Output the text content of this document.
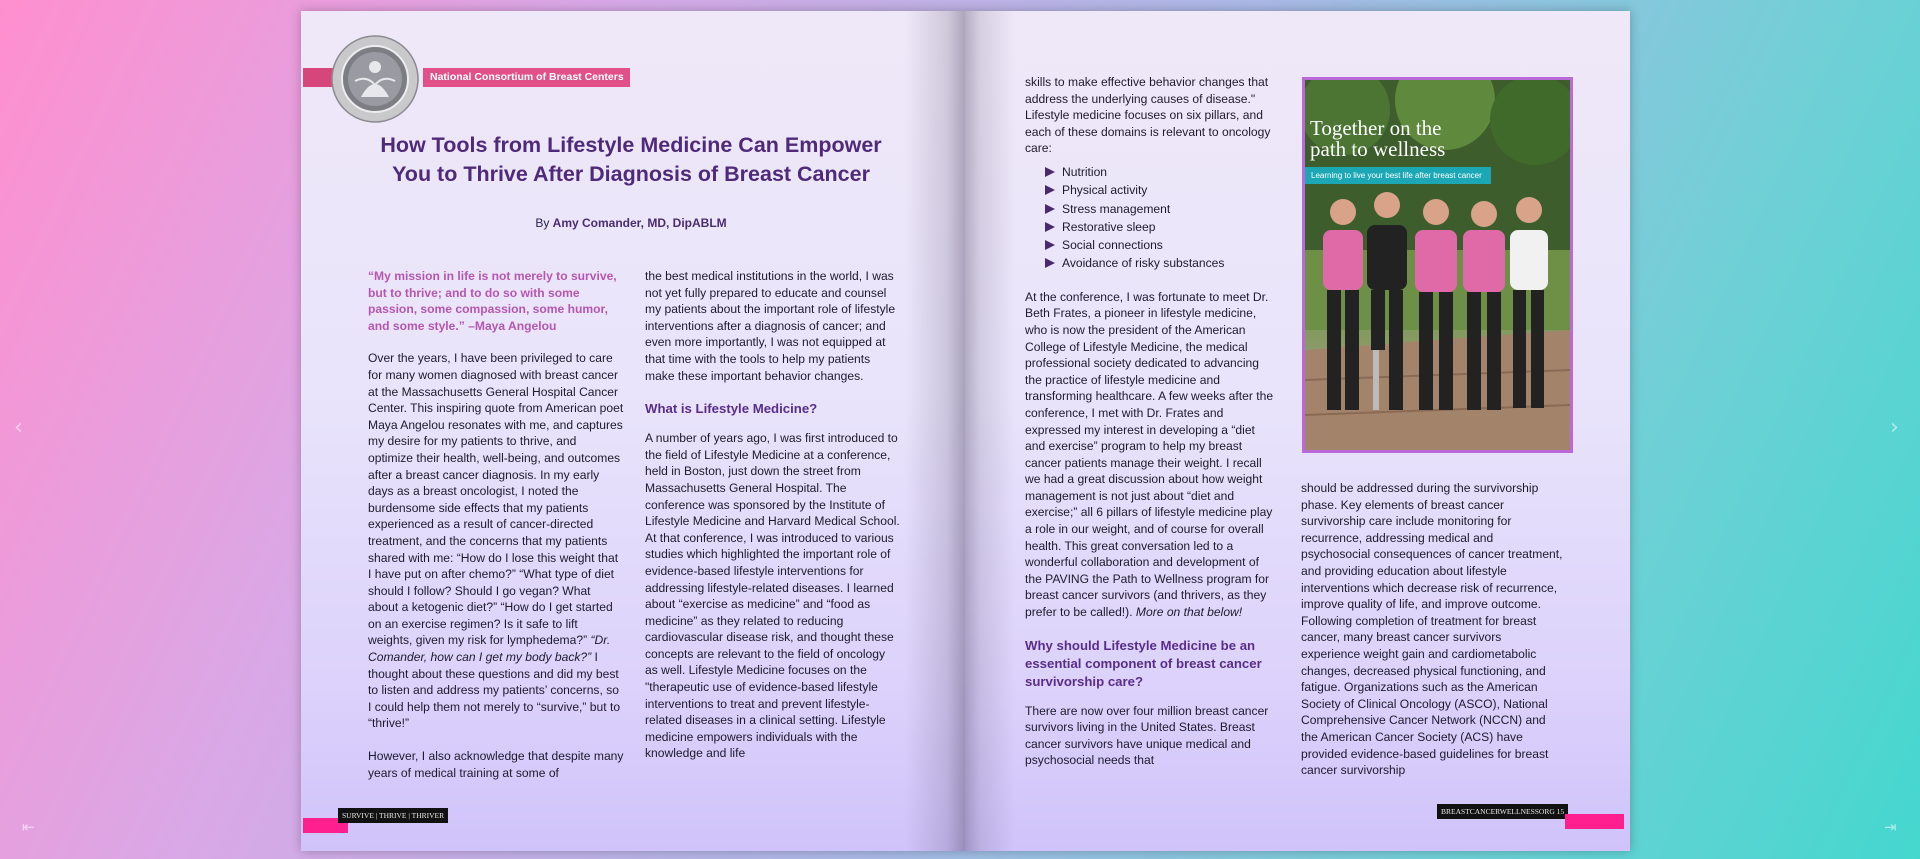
‹	›
⇤	⇥
National Consortium of Breast Centers
How Tools from Lifestyle Medicine Can Empower You to Thrive After Diagnosis of Breast Cancer
By Amy Comander, MD, DipABLM

“My mission in life is not merely to survive, but to thrive; and to do so with some passion, some compassion, some humor, and some style.” –Maya Angelou

Over the years, I have been privileged to care for many women diagnosed with breast cancer at the Massachusetts General Hospital Cancer Center. This inspiring quote from American poet Maya Angelou resonates with me, and captures my desire for my patients to thrive, and optimize their health, well-being, and outcomes after a breast cancer diagnosis. In my early days as a breast oncologist, I noted the burdensome side effects that my patients experienced as a result of cancer-directed treatment, and the concerns that my patients shared with me: “How do I lose this weight that I have put on after chemo?” “What type of diet should I follow? Should I go vegan? What about a ketogenic diet?” “How do I get started on an exercise regimen? Is it safe to lift weights, given my risk for lymphedema?” “Dr. Comander, how can I get my body back?” I thought about these questions and did my best to listen and address my patients’ concerns, so I could help them not merely to “survive,” but to “thrive!”

However, I also acknowledge that despite many years of medical training at some of

the best medical institutions in the world, I was not yet fully prepared to educate and counsel my patients about the important role of lifestyle interventions after a diagnosis of cancer; and even more importantly, I was not equipped at that time with the tools to help my patients make these important behavior changes.

What is Lifestyle Medicine?

A number of years ago, I was first introduced to the field of Lifestyle Medicine at a conference, held in Boston, just down the street from Massachusetts General Hospital. The conference was sponsored by the Institute of Lifestyle Medicine and Harvard Medical School. At that conference, I was introduced to various studies which highlighted the important role of evidence-based lifestyle interventions for addressing lifestyle-related diseases. I learned about “exercise as medicine” and “food as medicine” as they related to reducing cardiovascular disease risk, and thought these concepts are relevant to the field of oncology as well. Lifestyle Medicine focuses on the "therapeutic use of evidence-based lifestyle interventions to treat and prevent lifestyle-related diseases in a clinical setting. Lifestyle medicine empowers individuals with the knowledge and life

SURVIVE | THRIVE | THRIVER

skills to make effective behavior changes that address the underlying causes of disease." Lifestyle medicine focuses on six pillars, and each of these domains is relevant to oncology care:

Nutrition
Physical activity
Stress management
Restorative sleep
Social connections
Avoidance of risky substances

At the conference, I was fortunate to meet Dr. Beth Frates, a pioneer in lifestyle medicine, who is now the president of the American College of Lifestyle Medicine, the medical professional society dedicated to advancing the practice of lifestyle medicine and transforming healthcare. A few weeks after the conference, I met with Dr. Frates and expressed my interest in developing a “diet and exercise” program to help my breast cancer patients manage their weight. I recall we had a great discussion about how weight management is not just about “diet and exercise;” all 6 pillars of lifestyle medicine play a role in our weight, and of course for overall health. This great conversation led to a wonderful collaboration and development of the PAVING the Path to Wellness program for breast cancer survivors (and thrivers, as they prefer to be called!). More on that below!

Why should Lifestyle Medicine be an essential component of breast cancer survivorship care?

There are now over four million breast cancer survivors living in the United States. Breast cancer survivors have unique medical and psychosocial needs that

should be addressed during the survivorship phase. Key elements of breast cancer survivorship care include monitoring for recurrence, addressing medical and psychosocial consequences of cancer treatment, and providing education about lifestyle interventions which decrease risk of recurrence, improve quality of life, and improve outcome. Following completion of treatment for breast cancer, many breast cancer survivors experience weight gain and cardiometabolic changes, decreased physical functioning, and fatigue. Organizations such as the American Society of Clinical Oncology (ASCO), National Comprehensive Cancer Network (NCCN) and the American Cancer Society (ACS) have provided evidence-based guidelines for breast cancer survivorship

BREASTCANCERWELLNESSORG 15
Together on the
path to wellness
Learning to live your best life after breast cancer
